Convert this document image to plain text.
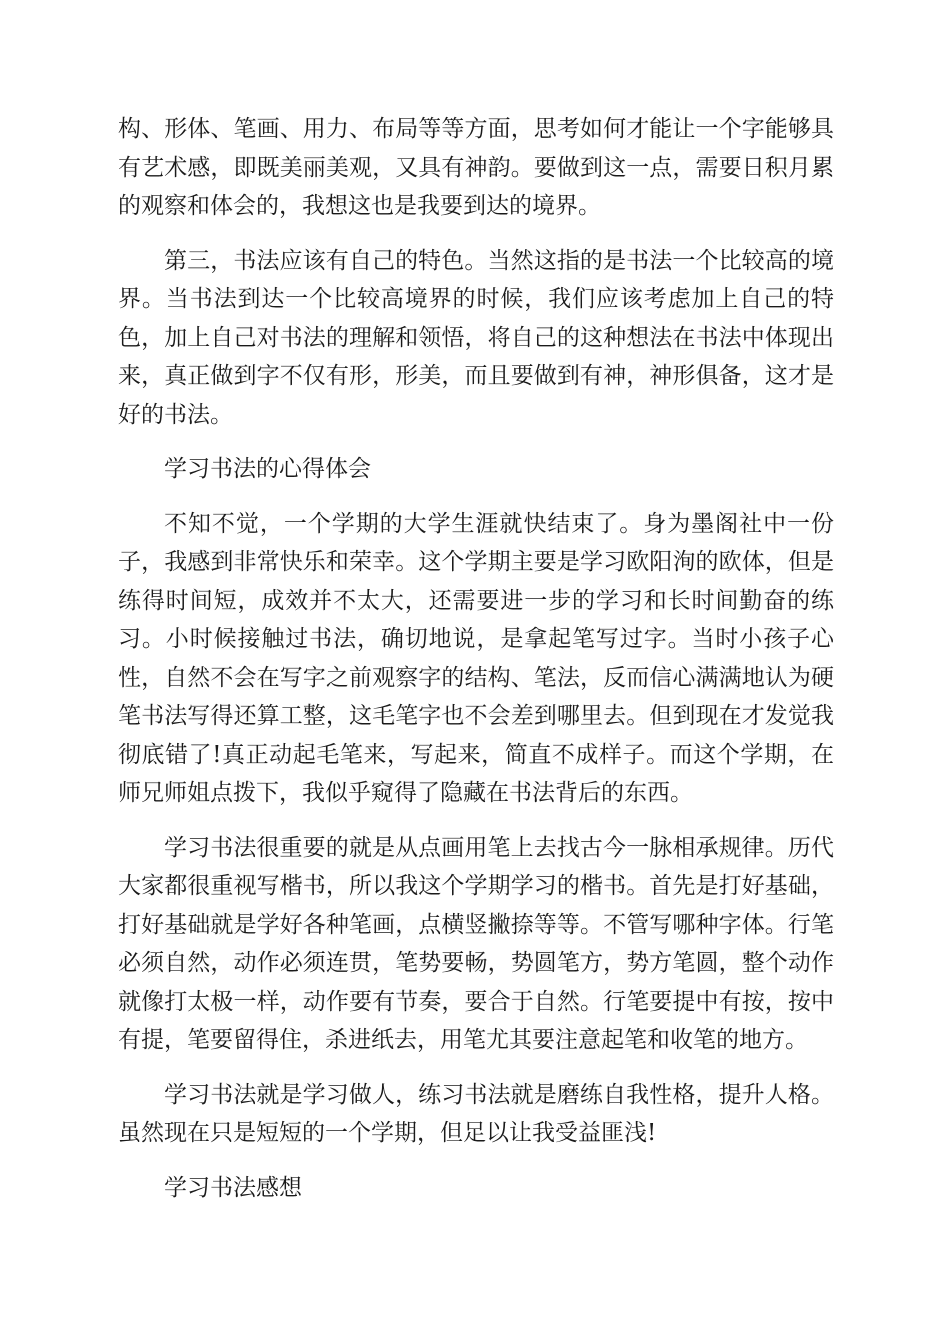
构、形体、笔画、用力、布局等等方面，思考如何才能让一个字能够具有艺术感，即既美丽美观，又具有神韵。要做到这一点，需要日积月累的观察和体会的，我想这也是我要到达的境界。

第三，书法应该有自己的特色。当然这指的是书法一个比较高的境界。当书法到达一个比较高境界的时候，我们应该考虑加上自己的特色，加上自己对书法的理解和领悟，将自己的这种想法在书法中体现出来，真正做到字不仅有形，形美，而且要做到有神，神形俱备，这才是好的书法。

学习书法的心得体会

不知不觉，一个学期的大学生涯就快结束了。身为墨阁社中一份子，我感到非常快乐和荣幸。这个学期主要是学习欧阳洵的欧体，但是练得时间短，成效并不太大，还需要进一步的学习和长时间勤奋的练习。小时候接触过书法，确切地说，是拿起笔写过字。当时小孩子心性，自然不会在写字之前观察字的结构、笔法，反而信心满满地认为硬笔书法写得还算工整，这毛笔字也不会差到哪里去。但到现在才发觉我彻底错了!真正动起毛笔来，写起来，简直不成样子。而这个学期，在师兄师姐点拨下，我似乎窥得了隐藏在书法背后的东西。

学习书法很重要的就是从点画用笔上去找古今一脉相承规律。历代大家都很重视写楷书，所以我这个学期学习的楷书。首先是打好基础，打好基础就是学好各种笔画，点横竖撇捺等等。不管写哪种字体。行笔必须自然，动作必须连贯，笔势要畅，势圆笔方，势方笔圆，整个动作就像打太极一样，动作要有节奏，要合于自然。行笔要提中有按，按中有提，笔要留得住，杀进纸去，用笔尤其要注意起笔和收笔的地方。

学习书法就是学习做人，练习书法就是磨练自我性格，提升人格。虽然现在只是短短的一个学期，但足以让我受益匪浅!

学习书法感想
